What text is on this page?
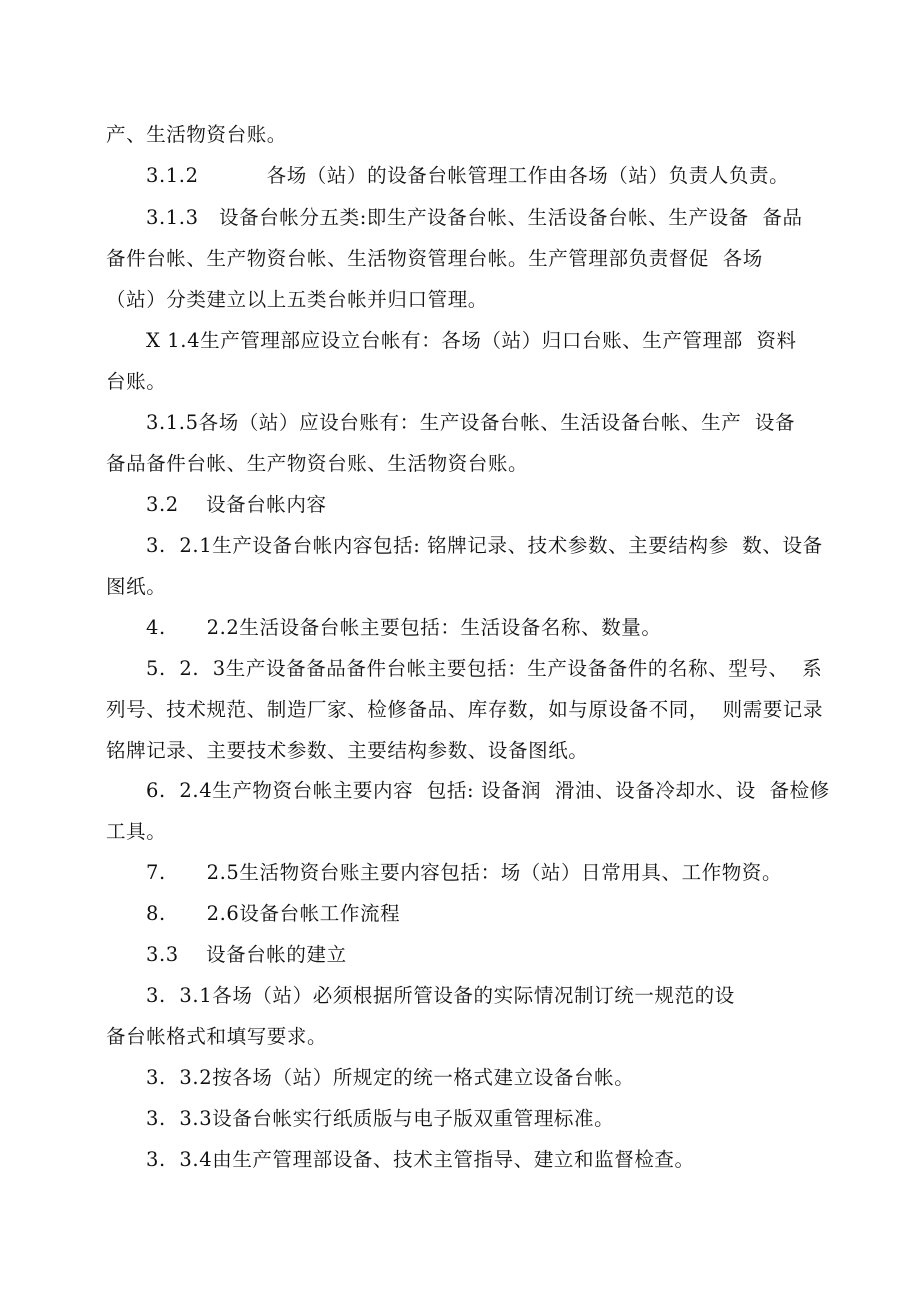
产、生活物资台账。
3.1.2          各场（站）的设备台帐管理工作由各场（站）负责人负责。
3.1.3   设备台帐分五类:即生产设备台帐、生活设备台帐、生产设备  备品
备件台帐、生产物资台帐、生活物资管理台帐。生产管理部负责督促  各场
（站）分类建立以上五类台帐并归口管理。
X 1.4生产管理部应设立台帐有：各场（站）归口台账、生产管理部  资料
台账。
3.1.5各场（站）应设台账有：生产设备台帐、生活设备台帐、生产  设备
备品备件台帐、生产物资台账、生活物资台账。
3.2    设备台帐内容
3.  2.1生产设备台帐内容包括: 铭牌记录、技术参数、主要结构参  数、设备
图纸。
4.      2.2生活设备台帐主要包括：生活设备名称、数量。
5.  2.  3生产设备备品备件台帐主要包括：生产设备备件的名称、型号、  系
列号、技术规范、制造厂家、检修备品、库存数，如与原设备不同，  则需要记录
铭牌记录、主要技术参数、主要结构参数、设备图纸。
6.  2.4生产物资台帐主要内容  包括: 设备润  滑油、设备冷却水、设  备检修
工具。
7.      2.5生活物资台账主要内容包括：场（站）日常用具、工作物资。
8.      2.6设备台帐工作流程
3.3    设备台帐的建立
3.  3.1各场（站）必须根据所管设备的实际情况制订统一规范的设
备台帐格式和填写要求。
3.  3.2按各场（站）所规定的统一格式建立设备台帐。
3.  3.3设备台帐实行纸质版与电子版双重管理标准。
3.  3.4由生产管理部设备、技术主管指导、建立和监督检查。
